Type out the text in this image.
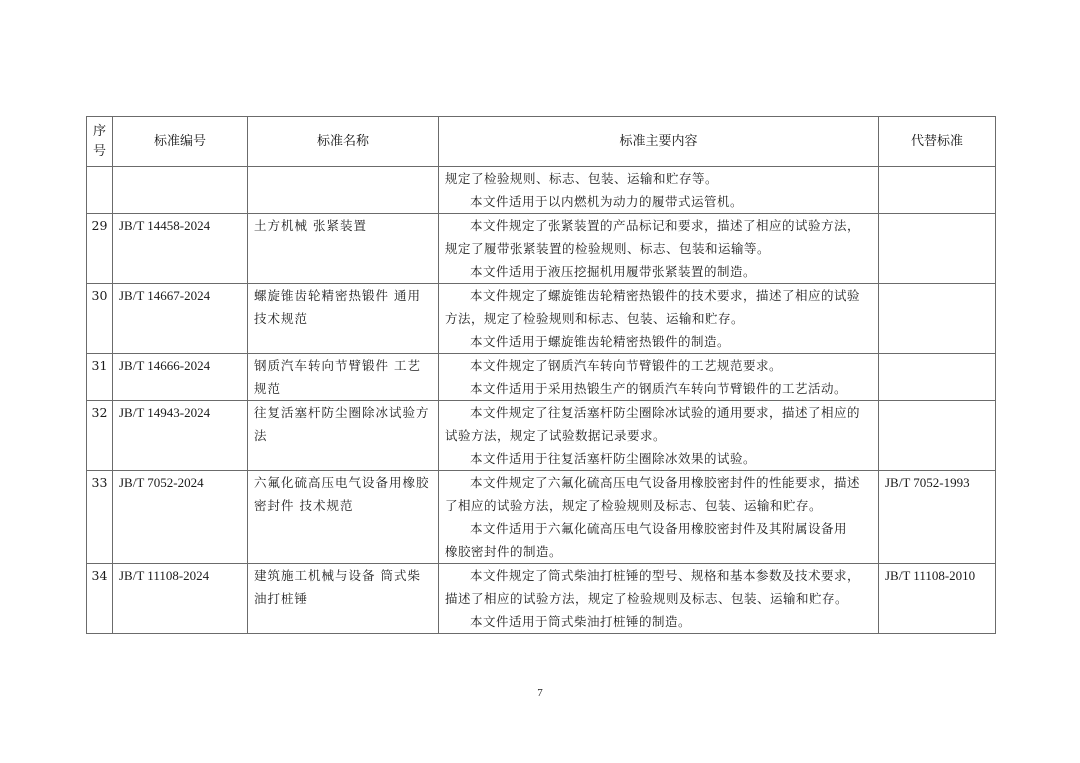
序
号	标准编号	标准名称	标准主要内容	代替标准

			规定了检验规则、标志、包装、运输和贮存等。
本文件适用于以内燃机为动力的履带式运管机。	

29	JB/T 14458-2024	土方机械 张紧装置	本文件规定了张紧装置的产品标记和要求，描述了相应的试验方法，
规定了履带张紧装置的检验规则、标志、包装和运输等。
本文件适用于液压挖掘机用履带张紧装置的制造。	

30	JB/T 14667-2024	螺旋锥齿轮精密热锻件 通用
技术规范	本文件规定了螺旋锥齿轮精密热锻件的技术要求，描述了相应的试验
方法，规定了检验规则和标志、包装、运输和贮存。
本文件适用于螺旋锥齿轮精密热锻件的制造。	

31	JB/T 14666-2024	钢质汽车转向节臂锻件 工艺
规范	本文件规定了钢质汽车转向节臂锻件的工艺规范要求。
本文件适用于采用热锻生产的钢质汽车转向节臂锻件的工艺活动。	

32	JB/T 14943-2024	往复活塞杆防尘圈除冰试验方
法	本文件规定了往复活塞杆防尘圈除冰试验的通用要求，描述了相应的
试验方法，规定了试验数据记录要求。
本文件适用于往复活塞杆防尘圈除冰效果的试验。	

33	JB/T 7052-2024	六氟化硫高压电气设备用橡胶
密封件 技术规范	本文件规定了六氟化硫高压电气设备用橡胶密封件的性能要求，描述
了相应的试验方法，规定了检验规则及标志、包装、运输和贮存。
本文件适用于六氟化硫高压电气设备用橡胶密封件及其附属设备用
橡胶密封件的制造。	JB/T 7052-1993
34	JB/T 11108-2024	建筑施工机械与设备 筒式柴
油打桩锤	本文件规定了筒式柴油打桩锤的型号、规格和基本参数及技术要求，
描述了相应的试验方法，规定了检验规则及标志、包装、运输和贮存。
本文件适用于筒式柴油打桩锤的制造。	JB/T 11108-2010
7
